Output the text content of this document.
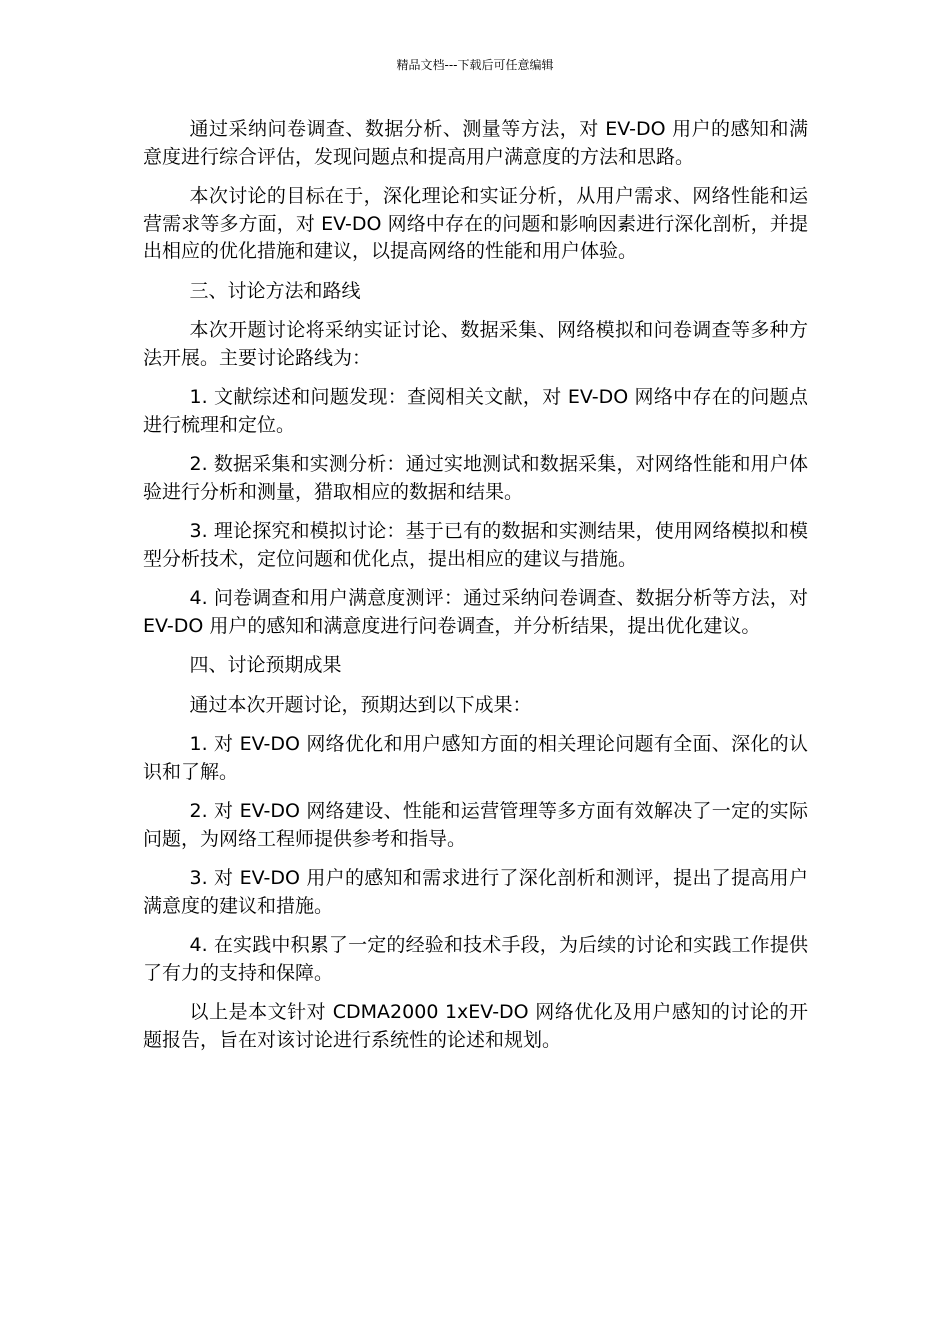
精品文档---下载后可任意编辑

通过采纳问卷调查、数据分析、测量等方法，对 EV-DO 用户的感知和满意度进行综合评估，发现问题点和提高用户满意度的方法和思路。

本次讨论的目标在于，深化理论和实证分析，从用户需求、网络性能和运营需求等多方面，对 EV-DO 网络中存在的问题和影响因素进行深化剖析，并提出相应的优化措施和建议，以提高网络的性能和用户体验。

三、讨论方法和路线

本次开题讨论将采纳实证讨论、数据采集、网络模拟和问卷调查等多种方法开展。主要讨论路线为：

1. 文献综述和问题发现：查阅相关文献，对 EV-DO 网络中存在的问题点进行梳理和定位。

2. 数据采集和实测分析：通过实地测试和数据采集，对网络性能和用户体验进行分析和测量，猎取相应的数据和结果。

3. 理论探究和模拟讨论：基于已有的数据和实测结果，使用网络模拟和模型分析技术，定位问题和优化点，提出相应的建议与措施。

4. 问卷调查和用户满意度测评：通过采纳问卷调查、数据分析等方法，对 EV-DO 用户的感知和满意度进行问卷调查，并分析结果，提出优化建议。

四、讨论预期成果

通过本次开题讨论，预期达到以下成果：

1. 对 EV-DO 网络优化和用户感知方面的相关理论问题有全面、深化的认识和了解。

2. 对 EV-DO 网络建设、性能和运营管理等多方面有效解决了一定的实际问题，为网络工程师提供参考和指导。

3. 对 EV-DO 用户的感知和需求进行了深化剖析和测评，提出了提高用户满意度的建议和措施。

4. 在实践中积累了一定的经验和技术手段，为后续的讨论和实践工作提供了有力的支持和保障。

以上是本文针对 CDMA2000 1xEV-DO 网络优化及用户感知的讨论的开题报告，旨在对该讨论进行系统性的论述和规划。
